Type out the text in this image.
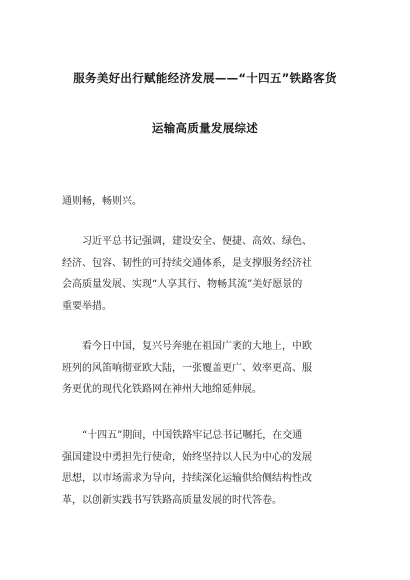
服务美好出行赋能经济发展——“十四五”铁路客货
运输高质量发展综述
通则畅，畅则兴。
习近平总书记强调，建设安全、便捷、高效、绿色、
经济、包容、韧性的可持续交通体系，是支撑服务经济社
会高质量发展、实现“人享其行、物畅其流”美好愿景的
重要举措。
看今日中国，复兴号奔驰在祖国广袤的大地上，中欧
班列的风笛响彻亚欧大陆，一张覆盖更广、效率更高、服
务更优的现代化铁路网在神州大地绵延伸展。
“十四五”期间，中国铁路牢记总书记嘱托，在交通
强国建设中勇担先行使命，始终坚持以人民为中心的发展
思想，以市场需求为导向，持续深化运输供给侧结构性改
革，以创新实践书写铁路高质量发展的时代答卷。
